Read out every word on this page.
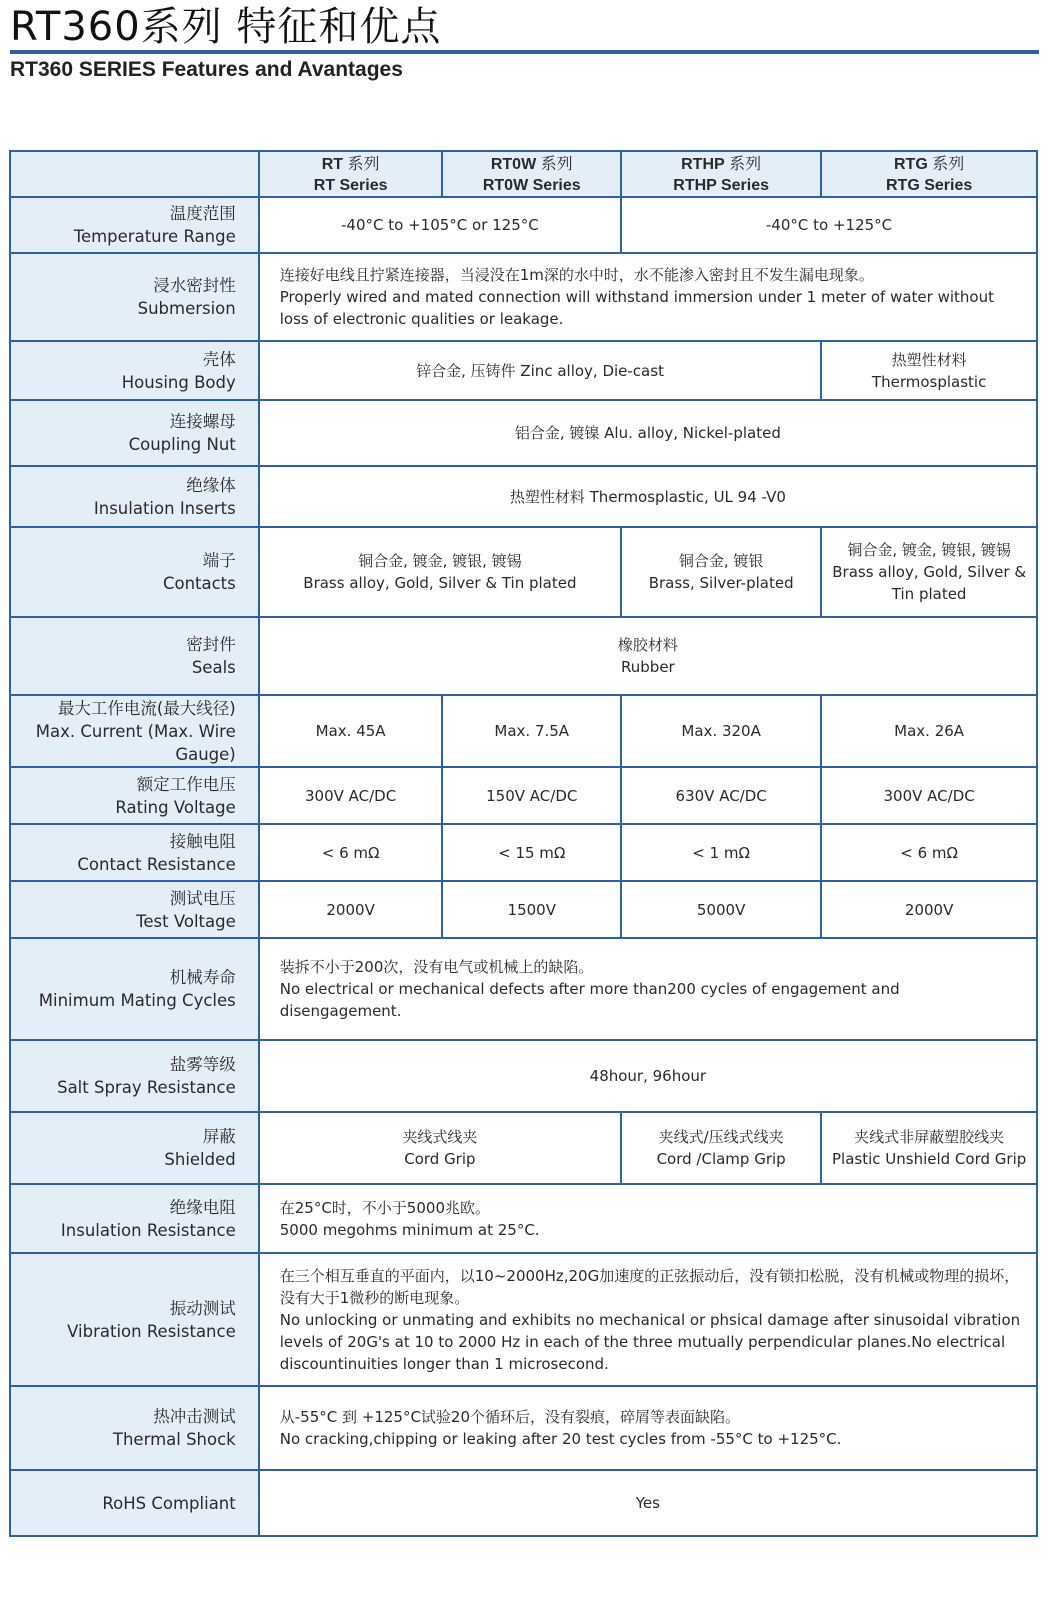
RT360系列 特征和优点
RT360 SERIES Features and Avantages

	RT 系列
RT Series	RT0W 系列
RT0W Series	RTHP 系列
RTHP Series	RTG 系列
RTG Series

温度范围
Temperature Range	-40°C to +105°C or 125°C		-40°C to +125°C	

浸水密封性
Submersion	连接好电线且拧紧连接器，当浸没在1m深的水中时，水不能渗入密封且不发生漏电现象。
Properly wired and mated connection will withstand immersion under 1 meter of water without loss of electronic qualities or leakage.			

壳体
Housing Body	锌合金, 压铸件 Zinc alloy, Die-cast			热塑性材料
Thermosplastic

连接螺母
Coupling Nut	铝合金, 镀镍 Alu. alloy, Nickel-plated			

绝缘体
Insulation Inserts	热塑性材料 Thermosplastic, UL 94 -V0			

端子
Contacts	铜合金, 镀金, 镀银, 镀锡
Brass alloy, Gold, Silver & Tin plated		铜合金, 镀银
Brass, Silver-plated	铜合金, 镀金, 镀银, 镀锡
Brass alloy, Gold, Silver & Tin plated

密封件
Seals	橡胶材料
Rubber			

最大工作电流(最大线径)
Max. Current (Max. Wire Gauge)	Max. 45A	Max. 7.5A	Max. 320A	Max. 26A

额定工作电压
Rating Voltage	300V AC/DC	150V AC/DC	630V AC/DC	300V AC/DC

接触电阻
Contact Resistance	< 6 mΩ	< 15 mΩ	< 1 mΩ	< 6 mΩ

测试电压
Test Voltage	2000V	1500V	5000V	2000V

机械寿命
Minimum Mating Cycles	装拆不小于200次，没有电气或机械上的缺陷。
No electrical or mechanical defects after more than200 cycles of engagement and disengagement.			

盐雾等级
Salt Spray Resistance	48hour, 96hour			

屏蔽
Shielded	夹线式线夹
Cord Grip		夹线式/压线式线夹
Cord /Clamp Grip	夹线式非屏蔽塑胶线夹
Plastic Unshield Cord Grip

绝缘电阻
Insulation Resistance	在25°C时，不小于5000兆欧。
5000 megohms minimum at 25°C.			

振动测试
Vibration Resistance	在三个相互垂直的平面内，以10~2000Hz,20G加速度的正弦振动后，没有锁扣松脱，没有机械或物理的损坏，没有大于1微秒的断电现象。
No unlocking or unmating and exhibits no mechanical or phsical damage after sinusoidal vibration levels of 20G's at 10 to 2000 Hz in each of the three mutually perpendicular planes.No electrical discountinuities longer than 1 microsecond.			

热冲击测试
Thermal Shock	从-55°C 到 +125°C试验20个循环后，没有裂痕，碎屑等表面缺陷。
No cracking,chipping or leaking after 20 test cycles from -55°C to +125°C.			

RoHS Compliant	Yes			
